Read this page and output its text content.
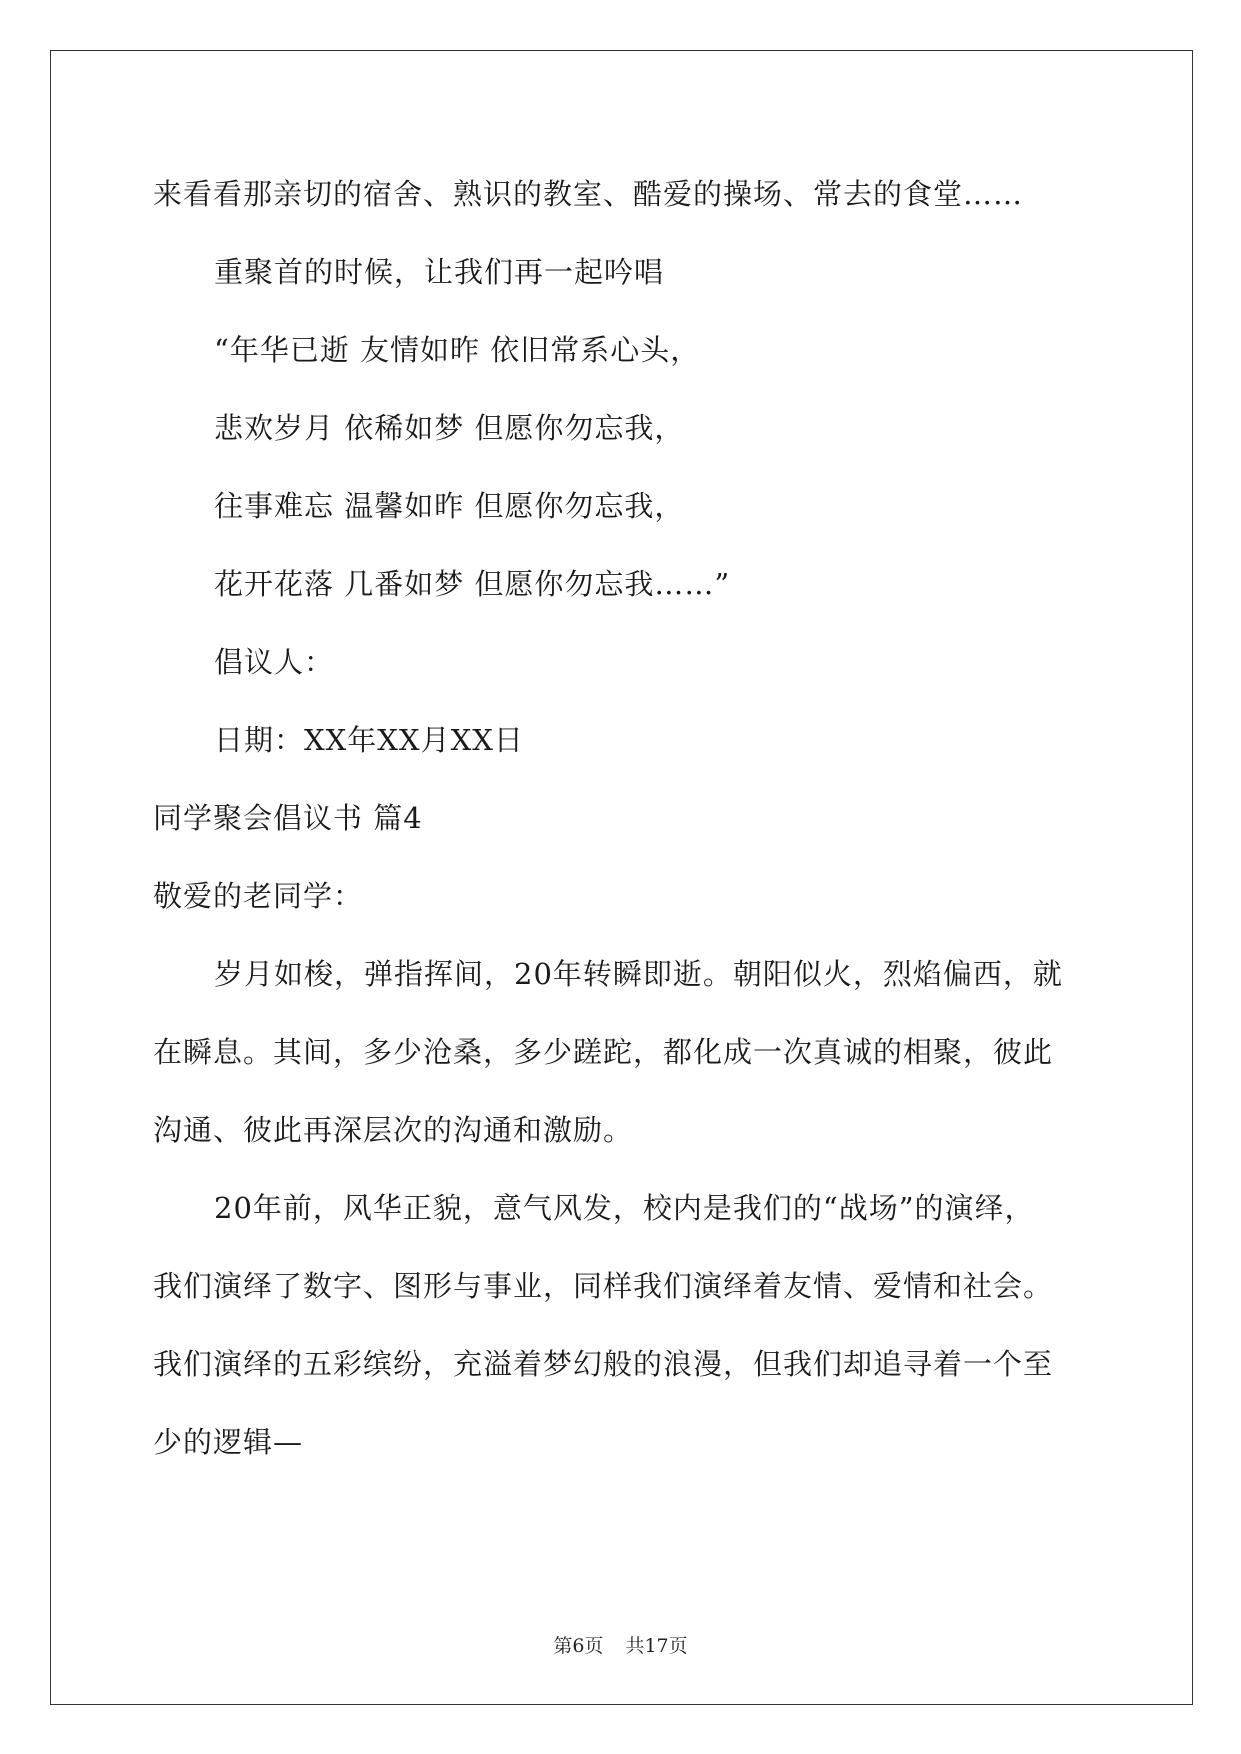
来看看那亲切的宿舍、熟识的教室、酷爱的操场、常去的食堂……
重聚首的时候，让我们再一起吟唱
“年华已逝 友情如昨 依旧常系心头，
悲欢岁月 依稀如梦 但愿你勿忘我，
往事难忘 温馨如昨 但愿你勿忘我，
花开花落 几番如梦 但愿你勿忘我……”
倡议人：
日期：XX年XX月XX日
同学聚会倡议书 篇4
敬爱的老同学：
岁月如梭，弹指挥间，20年转瞬即逝。朝阳似火，烈焰偏西，就
在瞬息。其间，多少沧桑，多少蹉跎，都化成一次真诚的相聚，彼此
沟通、彼此再深层次的沟通和激励。
20年前，风华正貌，意气风发，校内是我们的“战场”的演绎，
我们演绎了数字、图形与事业，同样我们演绎着友情、爱情和社会。
我们演绎的五彩缤纷，充溢着梦幻般的浪漫，但我们却追寻着一个至
少的逻辑—
第6页 共17页
